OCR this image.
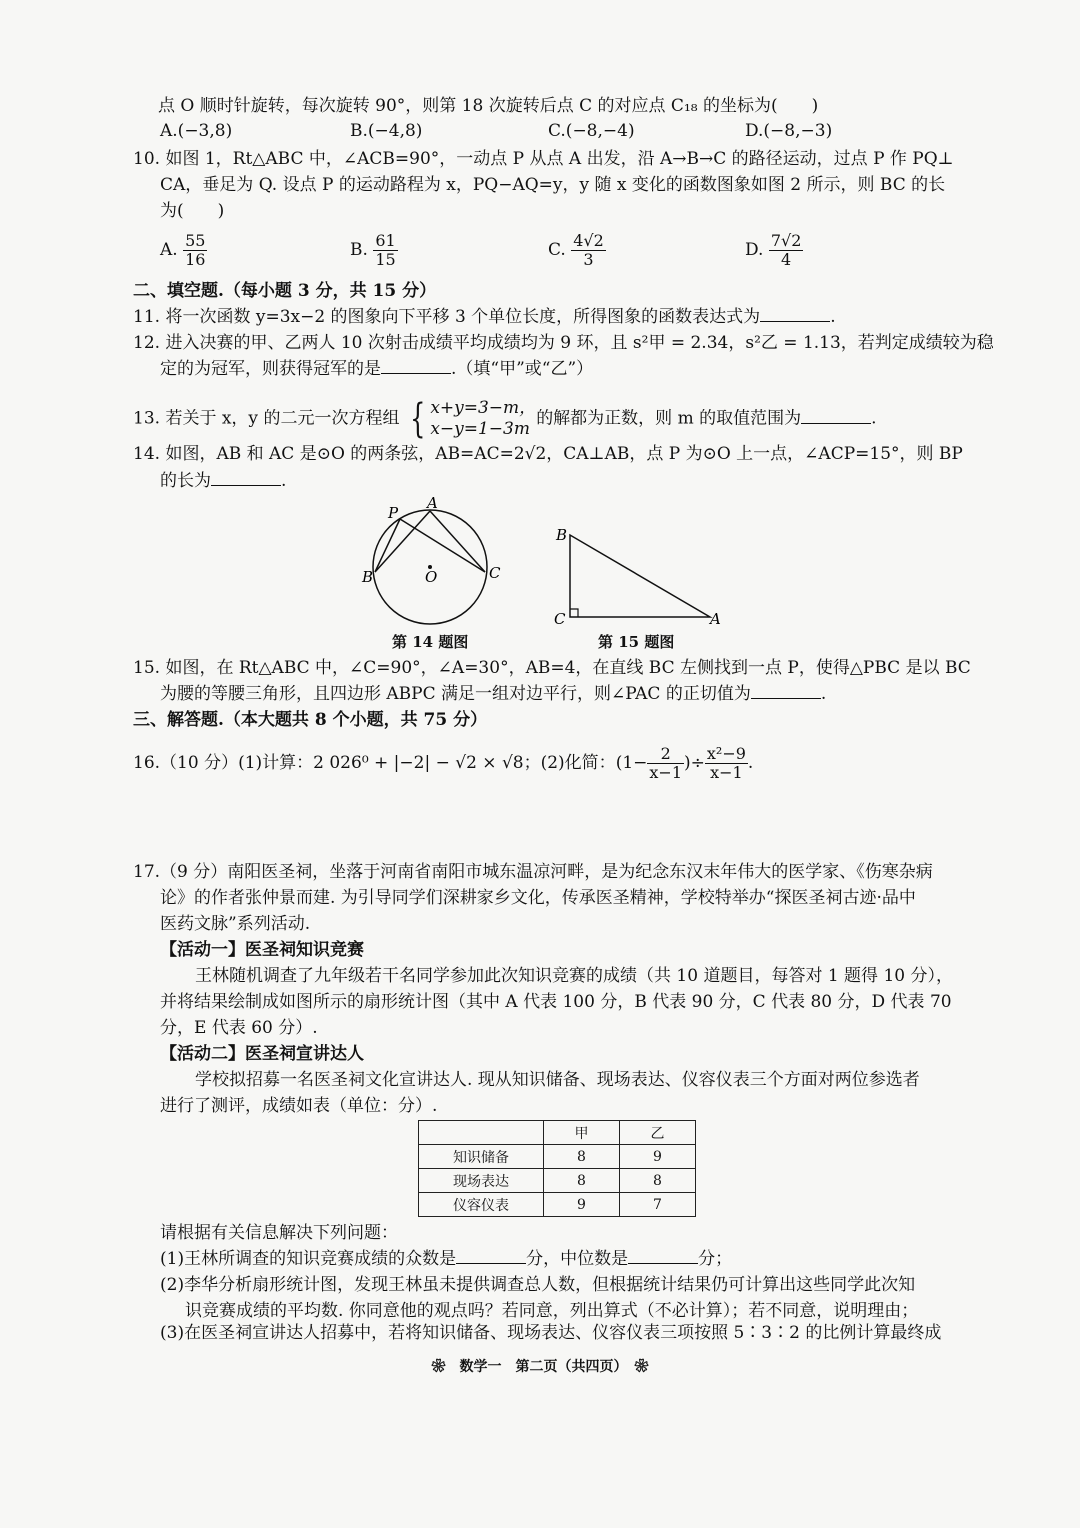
点 O 顺时针旋转，每次旋转 90°，则第 18 次旋转后点 C 的对应点 C₁₈ 的坐标为(　　)
A.(−3,8)	B.(−4,8)	C.(−8,−4)	D.(−8,−3)
10. 如图 1，Rt△ABC 中，∠ACB=90°，一动点 P 从点 A 出发，沿 A→B→C 的路径运动，过点 P 作 PQ⊥
CA，垂足为 Q. 设点 P 的运动路程为 x，PQ−AQ=y，y 随 x 变化的函数图象如图 2 所示，则 BC 的长
为(　　)
A. $\frac{55}{16}$	B. $\frac{61}{15}$	C. $\frac{4√2}{3}$	D. $\frac{7√2}{4}$
二、填空题.（每小题 3 分，共 15 分）
11. 将一次函数 y=3x−2 的图象向下平移 3 个单位长度，所得图象的函数表达式为	.
12. 进入决赛的甲、乙两人 10 次射击成绩平均成绩均为 9 环，且 s²甲 = 2.34，s²乙 = 1.13，若判定成绩较为稳
定的为冠军，则获得冠军的是	.（填“甲”或“乙”）
13. 若关于 x，y 的二元一次方程组 { x+y=3−m，
x−y=1−3m
的解都为正数，则 m 的取值范围为	.
14. 如图，AB 和 AC 是⊙O 的两条弦，AB=AC=2√2，CA⊥AB，点 P 为⊙O 上一点，∠ACP=15°，则 BP
的长为	.
P
A
B	O	C
第 14 题图
B
C	A
第 15 题图
15. 如图，在 Rt△ABC 中，∠C=90°，∠A=30°，AB=4，在直线 BC 左侧找到一点 P，使得△PBC 是以 BC
为腰的等腰三角形，且四边形 ABPC 满足一组对边平行，则∠PAC 的正切值为	.
三、解答题.（本大题共 8 个小题，共 75 分）
16.（10 分）(1)计算：2 026⁰ + |−2| − √2 × √8；(2)化简：($1- \frac{2}{x-1}$ )÷ $\frac{\text{x²−9}}{x-1}$ .
17.（9 分）南阳医圣祠，坐落于河南省南阳市城东温凉河畔，是为纪念东汉末年伟大的医学家、《伤寒杂病
论》的作者张仲景而建. 为引导同学们深耕家乡文化，传承医圣精神，学校特举办“探医圣祠古迹·品中
医药文脉”系列活动.
【活动一】医圣祠知识竞赛
王林随机调查了九年级若干名同学参加此次知识竞赛的成绩（共 10 道题目，每答对 1 题得 10 分），
并将结果绘制成如图所示的扇形统计图（其中 A 代表 100 分，B 代表 90 分，C 代表 80 分，D 代表 70
分，E 代表 60 分）.
【活动二】医圣祠宣讲达人
学校拟招募一名医圣祠文化宣讲达人. 现从知识储备、现场表达、仪容仪表三个方面对两位参选者
进行了测评，成绩如表（单位：分）.
	甲	乙
知识储备	8	9
现场表达	8	8
仪容仪表	9	7
请根据有关信息解决下列问题：
(1)王林所调查的知识竞赛成绩的众数是	分，中位数是	分；
(2)李华分析扇形统计图，发现王林虽未提供调查总人数，但根据统计结果仍可计算出这些同学此次知
识竞赛成绩的平均数. 你同意他的观点吗？若同意，列出算式（不必计算）；若不同意，说明理由；
(3)在医圣祠宣讲达人招募中，若将知识储备、现场表达、仪容仪表三项按照 5∶3∶2 的比例计算最终成
❀　数学一　第二页（共四页）　❀
